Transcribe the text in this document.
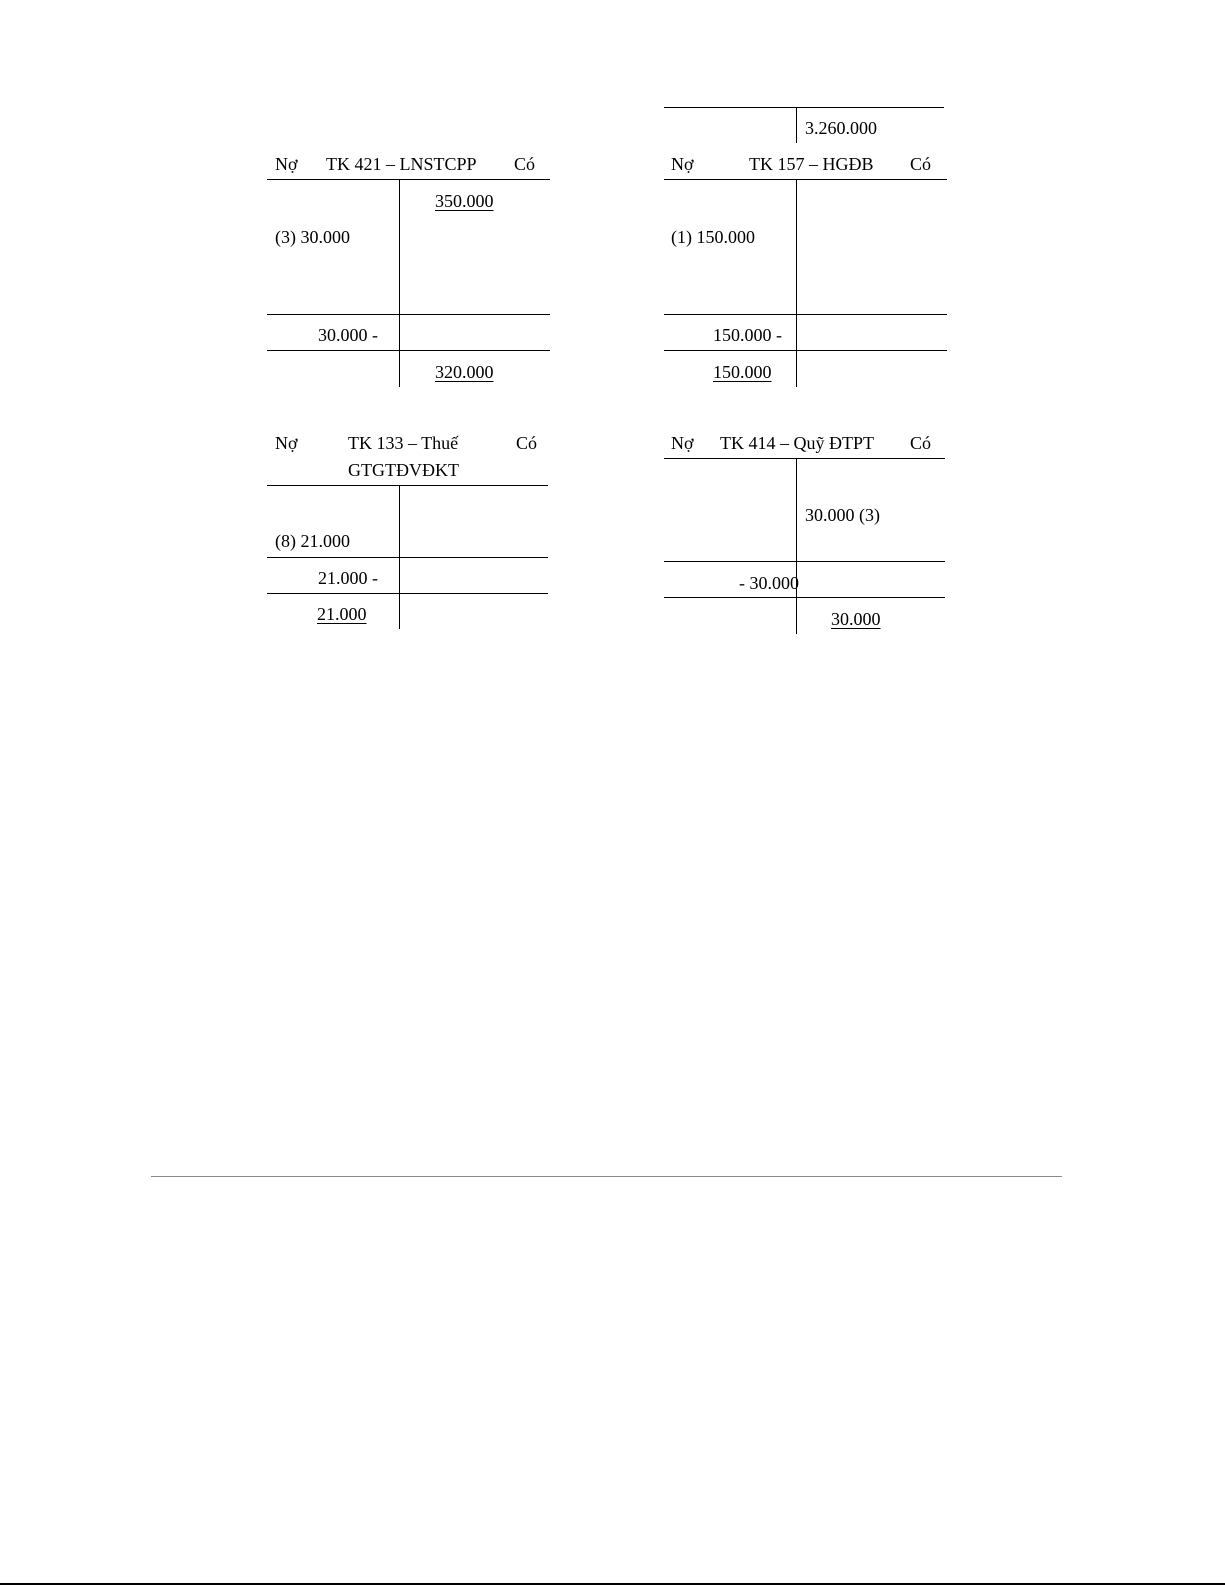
3.260.000
Nợ TK 421 – LNSTCPP Có
350.000
(3) 30.000
30.000 -
320.000
Nợ	TK 157 – HGĐB Có
(1) 150.000
150.000 -
150.000
Nợ	TK 133 – Thuế
GTGTĐVĐKT
Có
(8) 21.000
21.000 -
21.000
Nợ TK 414 – Quỹ ĐTPT Có
30.000 (3)
- 30.000
30.000
